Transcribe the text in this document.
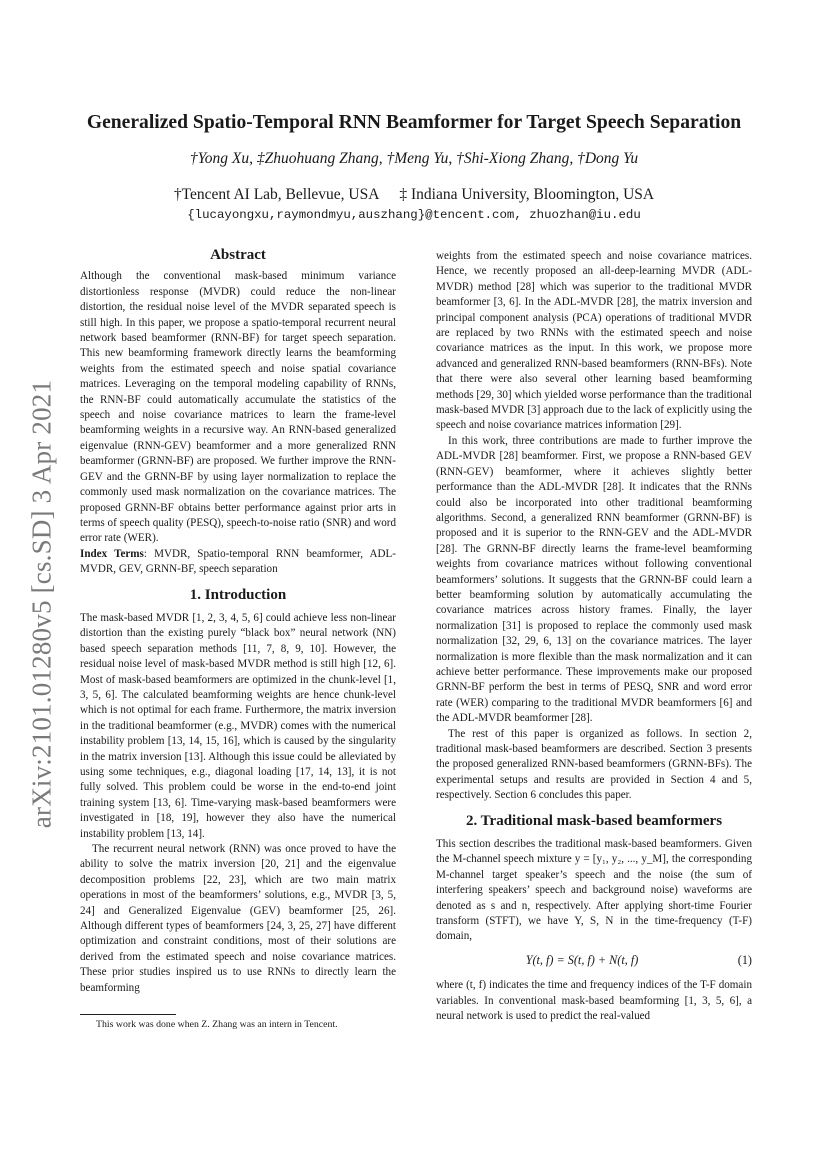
arXiv:2101.01280v5 [cs.SD] 3 Apr 2021
Generalized Spatio-Temporal RNN Beamformer for Target Speech Separation
†Yong Xu, ‡Zhuohuang Zhang, †Meng Yu, †Shi-Xiong Zhang, †Dong Yu
†Tencent AI Lab, Bellevue, USA ‡ Indiana University, Bloomington, USA
{lucayongxu,raymondmyu,auszhang}@tencent.com, zhuozhan@iu.edu
Abstract

Although the conventional mask-based minimum variance distortionless response (MVDR) could reduce the non-linear distortion, the residual noise level of the MVDR separated speech is still high. In this paper, we propose a spatio-temporal recurrent neural network based beamformer (RNN-BF) for target speech separation. This new beamforming framework directly learns the beamforming weights from the estimated speech and noise spatial covariance matrices. Leveraging on the temporal modeling capability of RNNs, the RNN-BF could automatically accumulate the statistics of the speech and noise covariance matrices to learn the frame-level beamforming weights in a recursive way. An RNN-based generalized eigenvalue (RNN-GEV) beamformer and a more generalized RNN beamformer (GRNN-BF) are proposed. We further improve the RNN-GEV and the GRNN-BF by using layer normalization to replace the commonly used mask normalization on the covariance matrices. The proposed GRNN-BF obtains better performance against prior arts in terms of speech quality (PESQ), speech-to-noise ratio (SNR) and word error rate (WER).

Index Terms: MVDR, Spatio-temporal RNN beamformer, ADL-MVDR, GEV, GRNN-BF, speech separation

1. Introduction

The mask-based MVDR [1, 2, 3, 4, 5, 6] could achieve less non-linear distortion than the existing purely “black box” neural network (NN) based speech separation methods [11, 7, 8, 9, 10]. However, the residual noise level of mask-based MVDR method is still high [12, 6]. Most of mask-based beamformers are optimized in the chunk-level [1, 3, 5, 6]. The calculated beamforming weights are hence chunk-level which is not optimal for each frame. Furthermore, the matrix inversion in the traditional beamformer (e.g., MVDR) comes with the numerical instability problem [13, 14, 15, 16], which is caused by the singularity in the matrix inversion [13]. Although this issue could be alleviated by using some techniques, e.g., diagonal loading [17, 14, 13], it is not fully solved. This problem could be worse in the end-to-end joint training system [13, 6]. Time-varying mask-based beamformers were investigated in [18, 19], however they also have the numerical instability problem [13, 14].

The recurrent neural network (RNN) was once proved to have the ability to solve the matrix inversion [20, 21] and the eigenvalue decomposition problems [22, 23], which are two main matrix operations in most of the beamformers’ solutions, e.g., MVDR [3, 5, 24] and Generalized Eigenvalue (GEV) beamformer [25, 26]. Although different types of beamformers [24, 3, 25, 27] have different optimization and constraint conditions, most of their solutions are derived from the estimated speech and noise covariance matrices. These prior studies inspired us to use RNNs to directly learn the beamforming

weights from the estimated speech and noise covariance matrices. Hence, we recently proposed an all-deep-learning MVDR (ADL-MVDR) method [28] which was superior to the traditional MVDR beamformer [3, 6]. In the ADL-MVDR [28], the matrix inversion and principal component analysis (PCA) operations of traditional MVDR are replaced by two RNNs with the estimated speech and noise covariance matrices as the input. In this work, we propose more advanced and generalized RNN-based beamformers (RNN-BFs). Note that there were also several other learning based beamforming methods [29, 30] which yielded worse performance than the traditional mask-based MVDR [3] approach due to the lack of explicitly using the speech and noise covariance matrices information [29].

In this work, three contributions are made to further improve the ADL-MVDR [28] beamformer. First, we propose a RNN-based GEV (RNN-GEV) beamformer, where it achieves slightly better performance than the ADL-MVDR [28]. It indicates that the RNNs could also be incorporated into other traditional beamforming algorithms. Second, a generalized RNN beamformer (GRNN-BF) is proposed and it is superior to the RNN-GEV and the ADL-MVDR [28]. The GRNN-BF directly learns the frame-level beamforming weights from covariance matrices without following conventional beamformers’ solutions. It suggests that the GRNN-BF could learn a better beamforming solution by automatically accumulating the covariance matrices across history frames. Finally, the layer normalization [31] is proposed to replace the commonly used mask normalization [32, 29, 6, 13] on the covariance matrices. The layer normalization is more flexible than the mask normalization and it can achieve better performance. These improvements make our proposed GRNN-BF perform the best in terms of PESQ, SNR and word error rate (WER) comparing to the traditional MVDR beamformers [6] and the ADL-MVDR beamformer [28].

The rest of this paper is organized as follows. In section 2, traditional mask-based beamformers are described. Section 3 presents the proposed generalized RNN-based beamformers (GRNN-BFs). The experimental setups and results are provided in Section 4 and 5, respectively. Section 6 concludes this paper.

2. Traditional mask-based beamformers

This section describes the traditional mask-based beamformers. Given the M-channel speech mixture y = [y₁, y₂, ..., y_M], the corresponding M-channel target speaker’s speech and the noise (the sum of interfering speakers’ speech and background noise) waveforms are denoted as s and n, respectively. After applying short-time Fourier transform (STFT), we have Y, S, N in the time-frequency (T-F) domain,

Y(t, f) = S(t, f) + N(t, f)	(1)

where (t, f) indicates the time and frequency indices of the T-F domain variables. In conventional mask-based beamforming [1, 3, 5, 6], a neural network is used to predict the real-valued

This work was done when Z. Zhang was an intern in Tencent.
